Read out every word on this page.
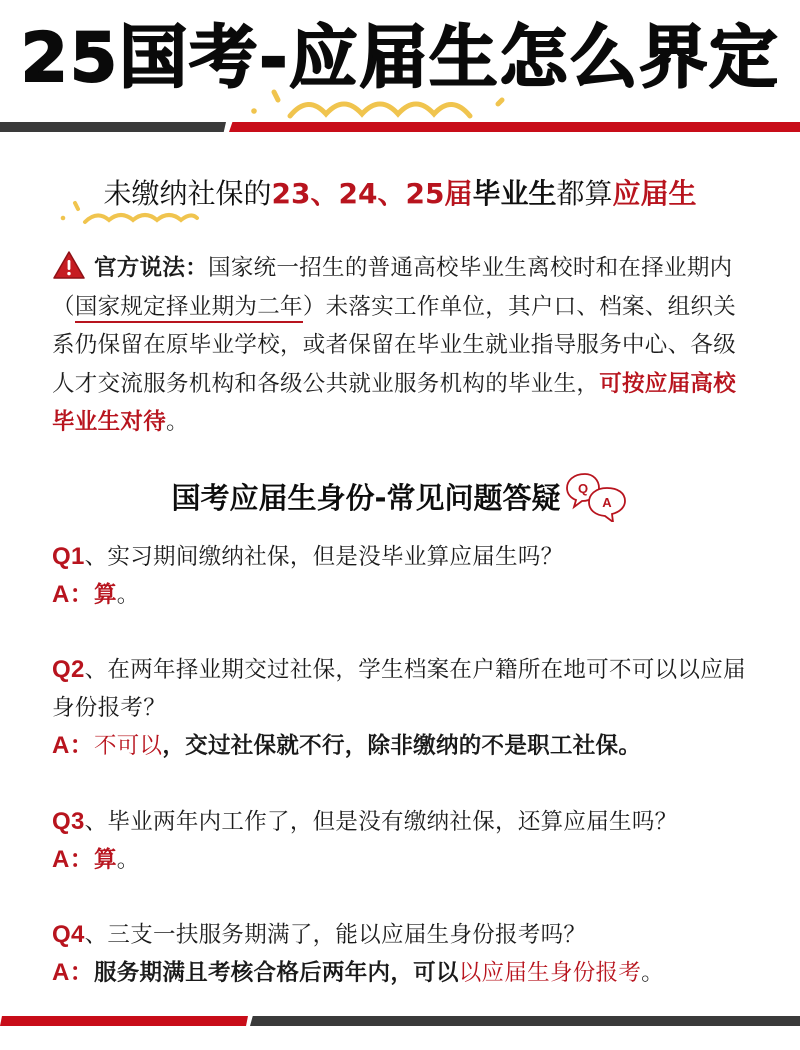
25国考-应届生怎么界定
未缴纳社保的23、24、25届毕业生都算应届生
官方说法：国家统一招生的普通高校毕业生离校时和在择业期内（国家规定择业期为二年）未落实工作单位，其户口、档案、组织关系仍保留在原毕业学校，或者保留在毕业生就业指导服务中心、各级人才交流服务机构和各级公共就业服务机构的毕业生，可按应届高校毕业生对待。
国考应届生身份-常见问题答疑 Q
A

Q1、实习期间缴纳社保，但是没毕业算应届生吗？

A：算。

Q2、在两年择业期交过社保，学生档案在户籍所在地可不可以以应届身份报考？

A：不可以，交过社保就不行，除非缴纳的不是职工社保。

Q3、毕业两年内工作了，但是没有缴纳社保，还算应届生吗？

A：算。

Q4、三支一扶服务期满了，能以应届生身份报考吗？

A：服务期满且考核合格后两年内，可以以应届生身份报考。
